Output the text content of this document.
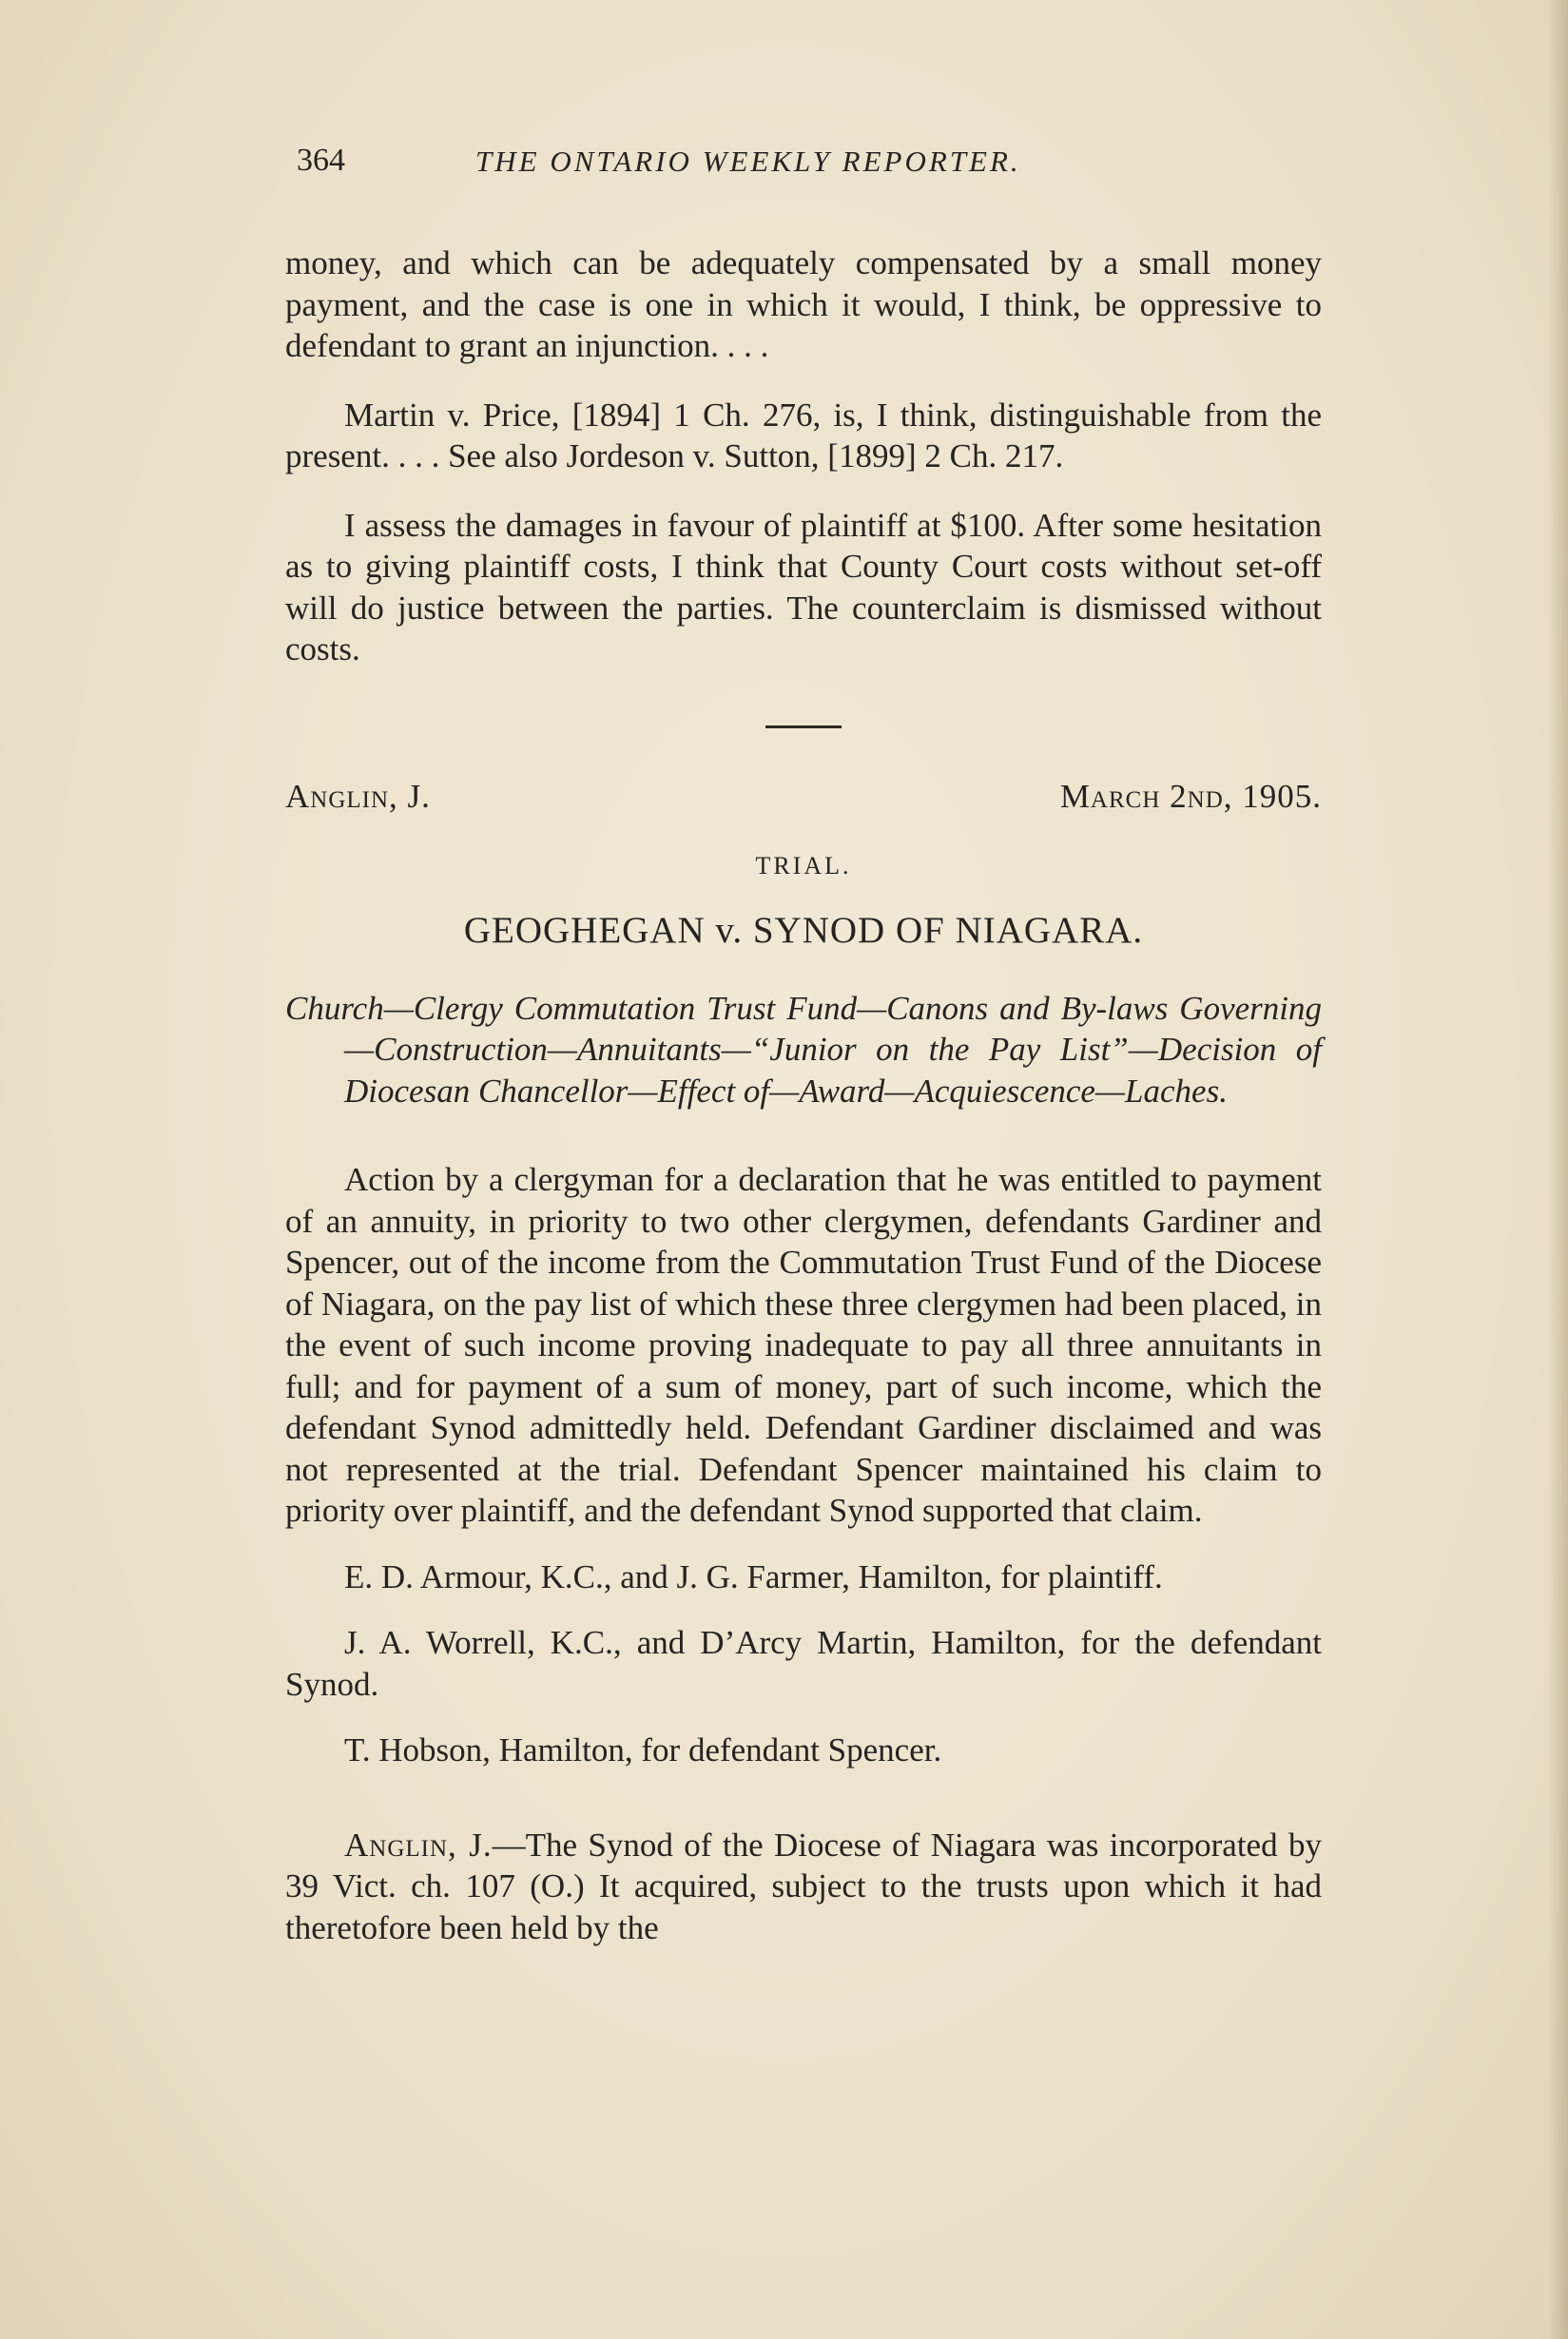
364	THE ONTARIO WEEKLY REPORTER.

money, and which can be adequately compensated by a small money payment, and the case is one in which it would, I think, be oppressive to defendant to grant an injunction. . . .

Martin v. Price, [1894] 1 Ch. 276, is, I think, distinguishable from the present. . . . See also Jordeson v. Sutton, [1899] 2 Ch. 217.

I assess the damages in favour of plaintiff at $100. After some hesitation as to giving plaintiff costs, I think that County Court costs without set-off will do justice between the parties. The counterclaim is dismissed without costs.

Anglin, J.	March 2nd, 1905.
TRIAL.
GEOGHEGAN v. SYNOD OF NIAGARA.

Church—Clergy Commutation Trust Fund—Canons and By-laws Governing—Construction—Annuitants—“Junior on the Pay List”—Decision of Diocesan Chancellor—Effect of—Award—Acquiescence—Laches.

Action by a clergyman for a declaration that he was entitled to payment of an annuity, in priority to two other clergymen, defendants Gardiner and Spencer, out of the income from the Commutation Trust Fund of the Diocese of Niagara, on the pay list of which these three clergymen had been placed, in the event of such income proving inadequate to pay all three annuitants in full; and for payment of a sum of money, part of such income, which the defendant Synod admittedly held. Defendant Gardiner disclaimed and was not represented at the trial. Defendant Spencer maintained his claim to priority over plaintiff, and the defendant Synod supported that claim.

E. D. Armour, K.C., and J. G. Farmer, Hamilton, for plaintiff.

J. A. Worrell, K.C., and D’Arcy Martin, Hamilton, for the defendant Synod.

T. Hobson, Hamilton, for defendant Spencer.

Anglin, J.—The Synod of the Diocese of Niagara was incorporated by 39 Vict. ch. 107 (O.) It acquired, subject to the trusts upon which it had theretofore been held by the
